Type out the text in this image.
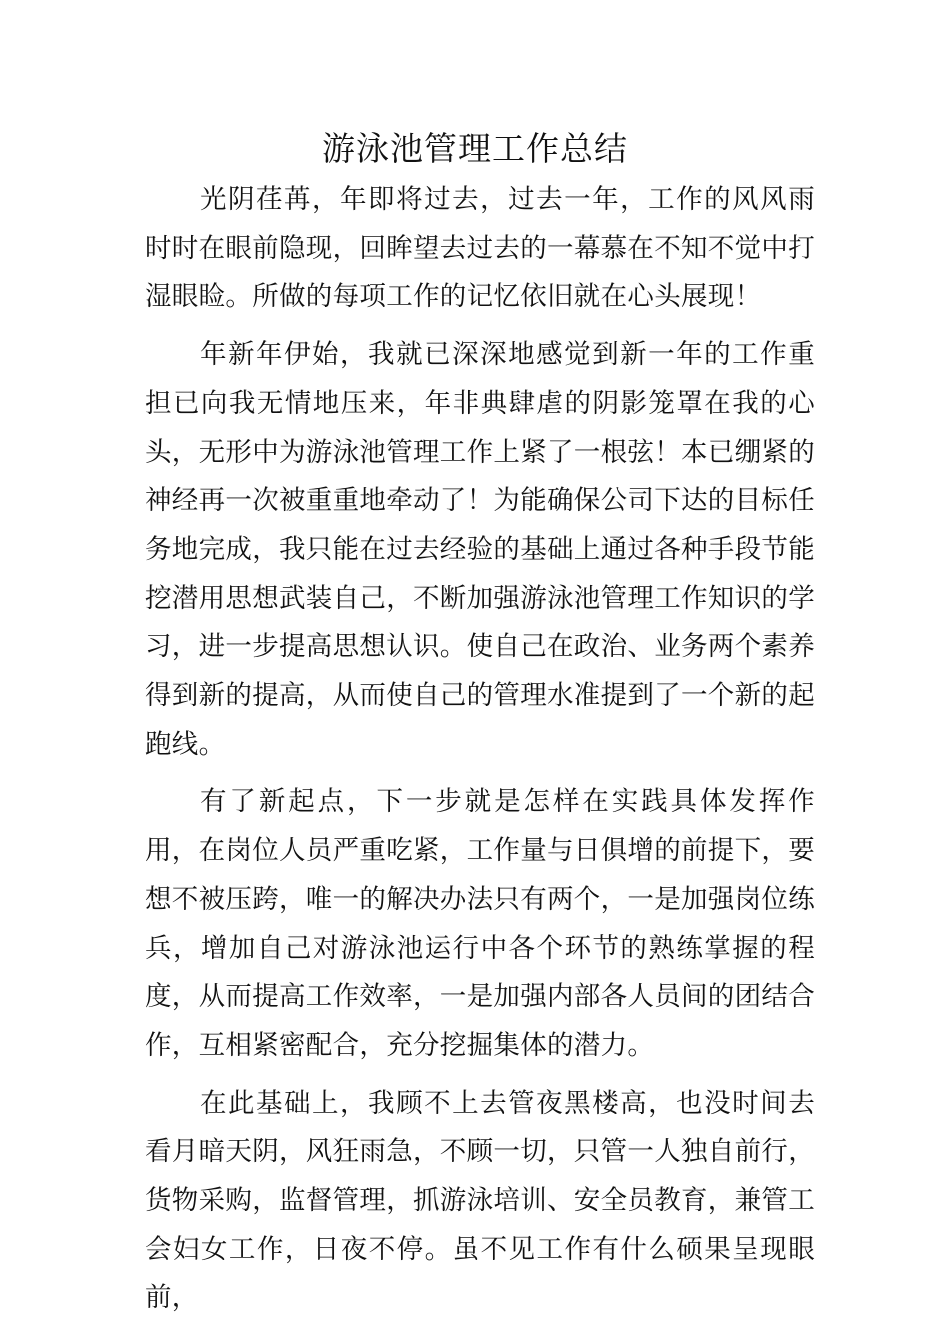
游泳池管理工作总结

光阴荏苒，年即将过去，过去一年，工作的风风雨时时在眼前隐现，回眸望去过去的一幕慕在不知不觉中打湿眼睑。所做的每项工作的记忆依旧就在心头展现！

年新年伊始，我就已深深地感觉到新一年的工作重担已向我无情地压来，年非典肆虐的阴影笼罩在我的心头，无形中为游泳池管理工作上紧了一根弦！本已绷紧的神经再一次被重重地牵动了！为能确保公司下达的目标任务地完成，我只能在过去经验的基础上通过各种手段节能挖潜用思想武装自己，不断加强游泳池管理工作知识的学习，进一步提高思想认识。使自己在政治、业务两个素养得到新的提高，从而使自己的管理水准提到了一个新的起跑线。

有了新起点，下一步就是怎样在实践具体发挥作用，在岗位人员严重吃紧，工作量与日俱增的前提下，要想不被压跨，唯一的解决办法只有两个，一是加强岗位练兵，增加自己对游泳池运行中各个环节的熟练掌握的程度，从而提高工作效率，一是加强内部各人员间的团结合作，互相紧密配合，充分挖掘集体的潜力。

在此基础上，我顾不上去管夜黑楼高，也没时间去看月暗天阴，风狂雨急，不顾一切，只管一人独自前行，货物采购，监督管理，抓游泳培训、安全员教育，兼管工会妇女工作，日夜不停。虽不见工作有什么硕果呈现眼前，
